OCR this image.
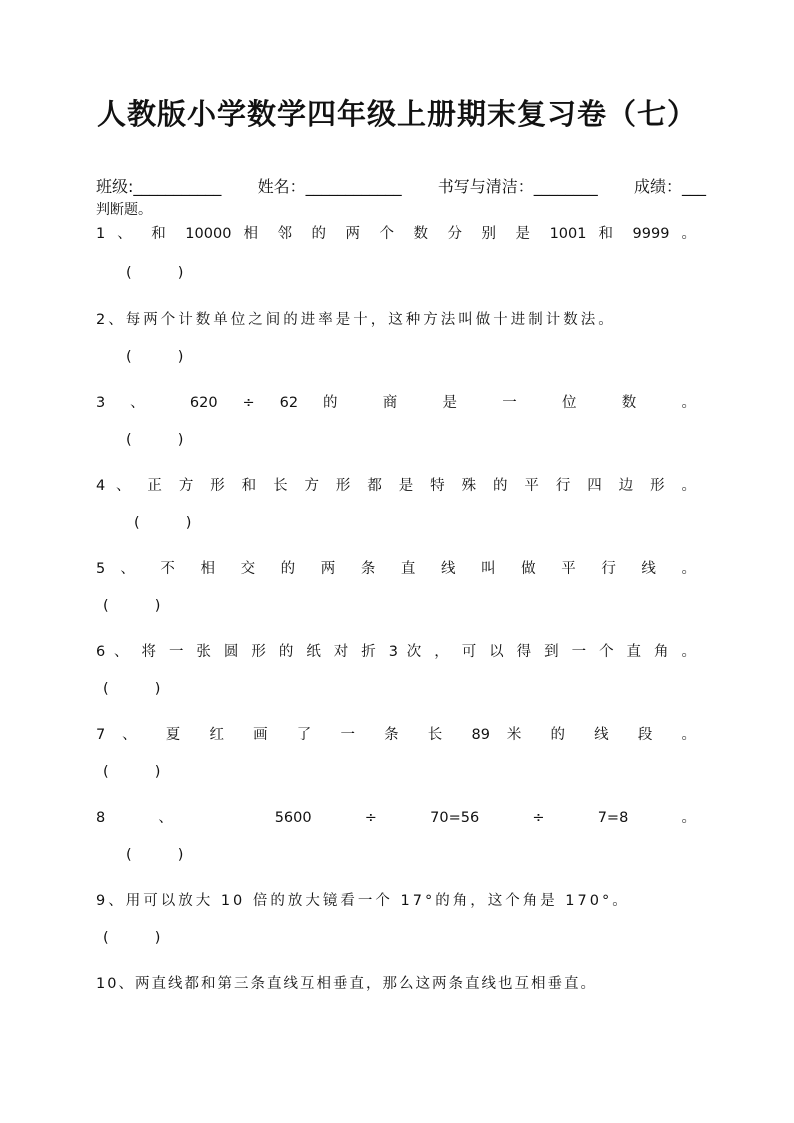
人教版小学数学四年级上册期末复习卷（七）
班级:___________ 姓名：____________ 书写与清洁：________ 成绩：___
判断题。
1 、 和 10000 相 邻 的 两 个 数 分 别 是 1001 和 9999 。
(          )
2、每两个计数单位之间的进率是十，这种方法叫做十进制计数法。
(          )
3 、 620 ÷ 62 的 商 是 一 位 数 。
(          )
4 、 正 方 形 和 长 方 形 都 是 特 殊 的 平 行 四 边 形 。
(          )
5 、 不 相 交 的 两 条 直 线 叫 做 平 行 线 。
(          )
6 、 将 一 张 圆 形 的 纸 对 折 3 次 ， 可 以 得 到 一 个 直 角 。
(          )
7 、 夏 红 画 了 一 条 长 89 米 的 线 段 。
(          )
8 、 5600 ÷ 70=56 ÷ 7=8 。
(          )
9、用可以放大 10 倍的放大镜看一个 17°的角，这个角是 170°。
(          )
10、两直线都和第三条直线互相垂直，那么这两条直线也互相垂直。
